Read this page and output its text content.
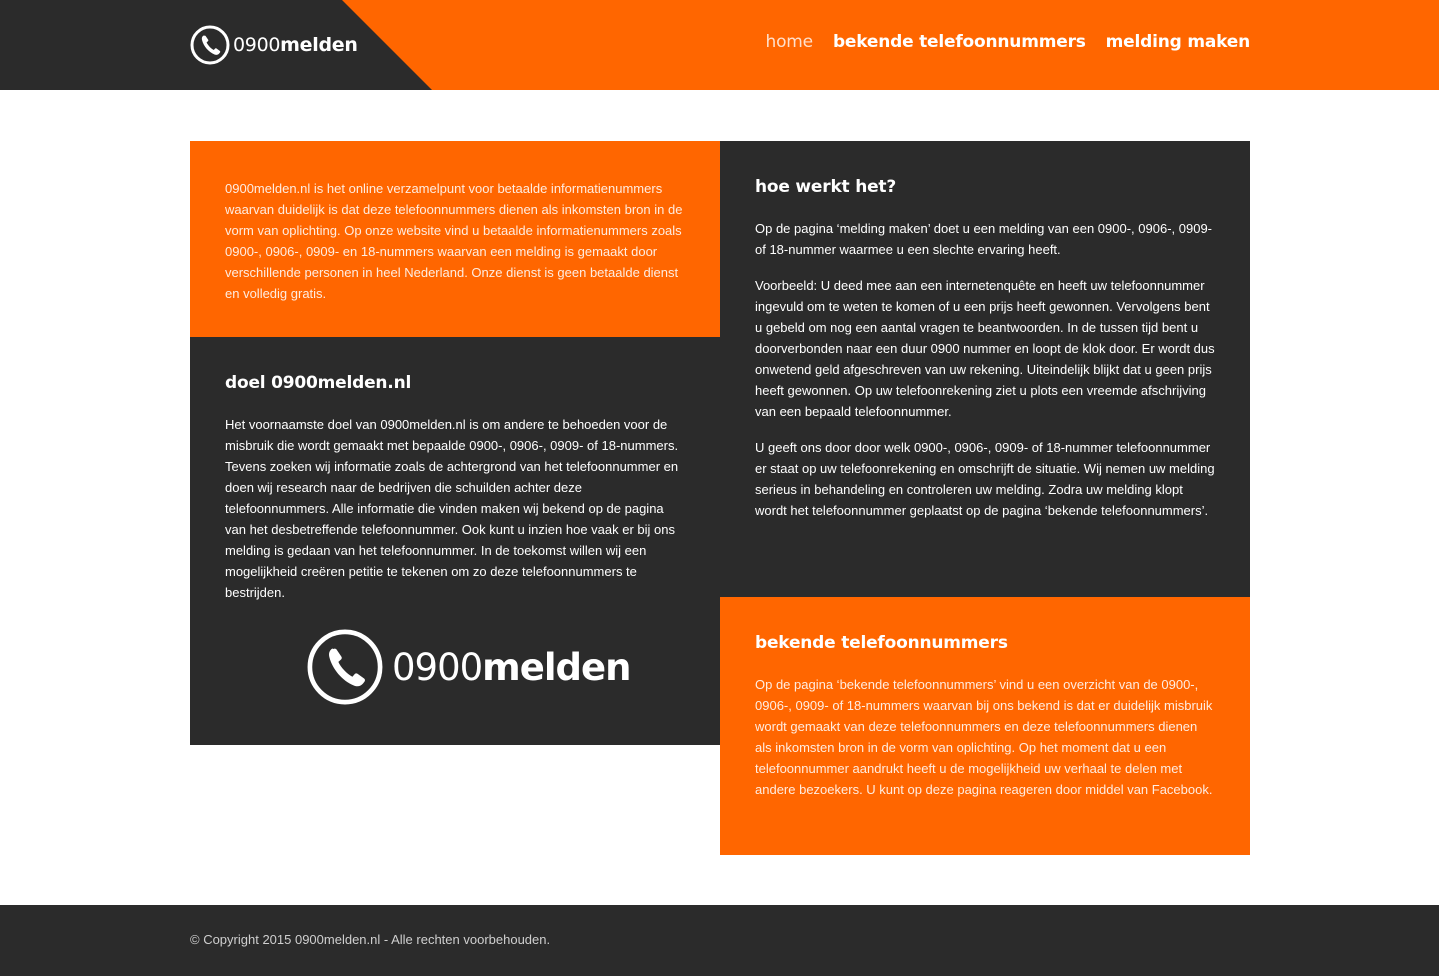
0900melden	home bekende telefoonnummers melding maken

0900melden.nl is het online verzamelpunt voor betaalde informatienummers waarvan duidelijk is dat deze telefoonnummers dienen als inkomsten bron in de vorm van oplichting. Op onze website vind u betaalde informatienummers zoals 0900-, 0906-, 0909- en 18-nummers waarvan een melding is gemaakt door verschillende personen in heel Nederland. Onze dienst is geen betaalde dienst en volledig gratis.

doel 0900melden.nl

Het voornaamste doel van 0900melden.nl is om andere te behoeden voor de misbruik die wordt gemaakt met bepaalde 0900-, 0906-, 0909- of 18-nummers. Tevens zoeken wij informatie zoals de achtergrond van het telefoonnummer en doen wij research naar de bedrijven die schuilden achter deze telefoonnummers. Alle informatie die vinden maken wij bekend op de pagina van het desbetreffende telefoonnummer. Ook kunt u inzien hoe vaak er bij ons melding is gedaan van het telefoonnummer. In de toekomst willen wij een mogelijkheid creëren petitie te tekenen om zo deze telefoonnummers te bestrijden.

0900melden
hoe werkt het?

Op de pagina ‘melding maken’ doet u een melding van een 0900-, 0906-, 0909- of 18-nummer waarmee u een slechte ervaring heeft.

Voorbeeld: U deed mee aan een internetenquête en heeft uw telefoonnummer ingevuld om te weten te komen of u een prijs heeft gewonnen. Vervolgens bent u gebeld om nog een aantal vragen te beantwoorden. In de tussen tijd bent u doorverbonden naar een duur 0900 nummer en loopt de klok door. Er wordt dus onwetend geld afgeschreven van uw rekening. Uiteindelijk blijkt dat u geen prijs heeft gewonnen. Op uw telefoonrekening ziet u plots een vreemde afschrijving van een bepaald telefoonnummer.

U geeft ons door door welk 0900-, 0906-, 0909- of 18-nummer telefoonnummer er staat op uw telefoonrekening en omschrijft de situatie. Wij nemen uw melding serieus in behandeling en controleren uw melding. Zodra uw melding klopt wordt het telefoonnummer geplaatst op de pagina ‘bekende telefoonnummers’.

bekende telefoonnummers

Op de pagina ‘bekende telefoonnummers’ vind u een overzicht van de 0900-, 0906-, 0909- of 18-nummers waarvan bij ons bekend is dat er duidelijk misbruik wordt gemaakt van deze telefoonnummers en deze telefoonnummers dienen als inkomsten bron in de vorm van oplichting. Op het moment dat u een telefoonnummer aandrukt heeft u de mogelijkheid uw verhaal te delen met andere bezoekers. U kunt op deze pagina reageren door middel van Facebook.

© Copyright 2015 0900melden.nl - Alle rechten voorbehouden.
